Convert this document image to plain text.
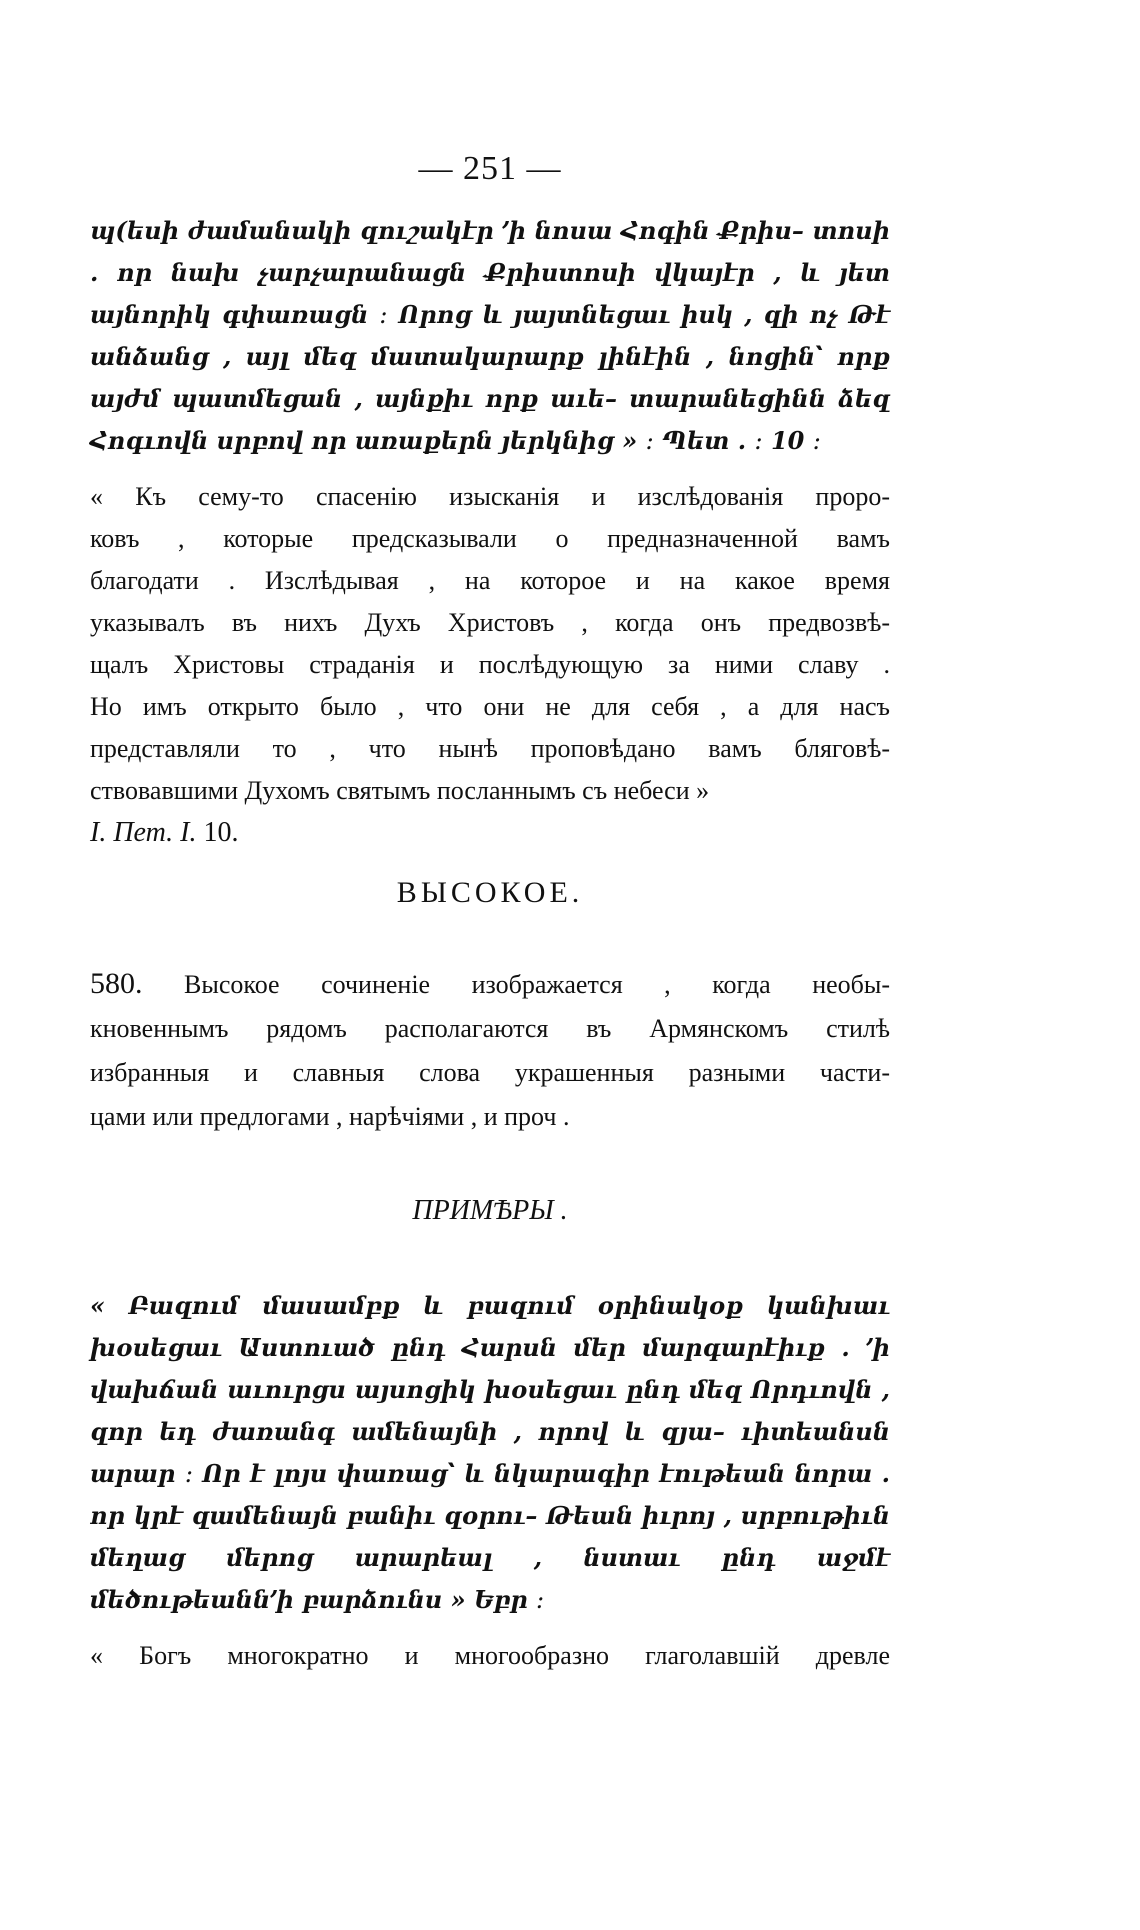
— 251 —

պ(եսի ժամանակի զուշակէր ՚ի նոսա Հոգին Քրիս– տոսի ․ որ նախ չարչարանացն Քրիստոսի վկայէր , և յետ այնորիկ գփառացն ։ Որոց և յայտնեցաւ իսկ , զի ոչ Թէ անձանց , այլ մեզ մատակարարք լինէին , նոցին՝ որք այժմ պատմեցան , այնքիւ որք աւե– տարանեցինն ձեզ Հոգւովն սրբով որ առաքերն յերկնից » ։ Պետ ․ ։ 10 ։

« Къ сему-то спасенію изысканія и изслѣдованія проро-
ковъ , которые предсказывали о предназначенной вамъ
благодати . Изслѣдывая , на которое и на какое время
указывалъ въ нихъ Духъ Христовъ , когда онъ предвозвѣ-
щалъ Христовы страданія и послѣдующую за ними славу .
Но имъ открыто было , что они не для себя , а для насъ
представляли то , что нынѣ проповѣдано вамъ бляговѣ-
ствовавшими Духомъ святымъ посланнымъ съ небеси »

I. Пет. I. 10.

ВЫСОКОЕ.
580. Высокое сочиненіе изображается , когда необы-
кновеннымъ рядомъ располагаются въ Армянскомъ стилѣ
избранныя и славныя слова украшенныя разными части-
цами или предлогами , нарѣчіями , и проч .
ПРИМѢРЫ .

« Բազում մասամբք և բազում օրինակօք կանխաւ խօսեցաւ Աստուած ընդ Հարսն մեր մարգարէիւք ․ ՚ի վախճան աւուրցս այսոցիկ խօսեցաւ ընդ մեզ Որդւովն , զոր եդ ժառանգ ամենայնի , որով և զյա– ւիտեանսն արար ։ Որ է լոյս փառաց՝ և նկարագիր էութեան նորա ․ որ կրէ զամենայն բանիւ զօրու– Թեան իւրոյ , սրբութիւն մեղաց մերոց արարեալ , նստաւ ընդ աջմէ մեծութեանն՚ի բարձունս » Եբր ։

« Богъ многократно и многообразно глаголавшій древле
